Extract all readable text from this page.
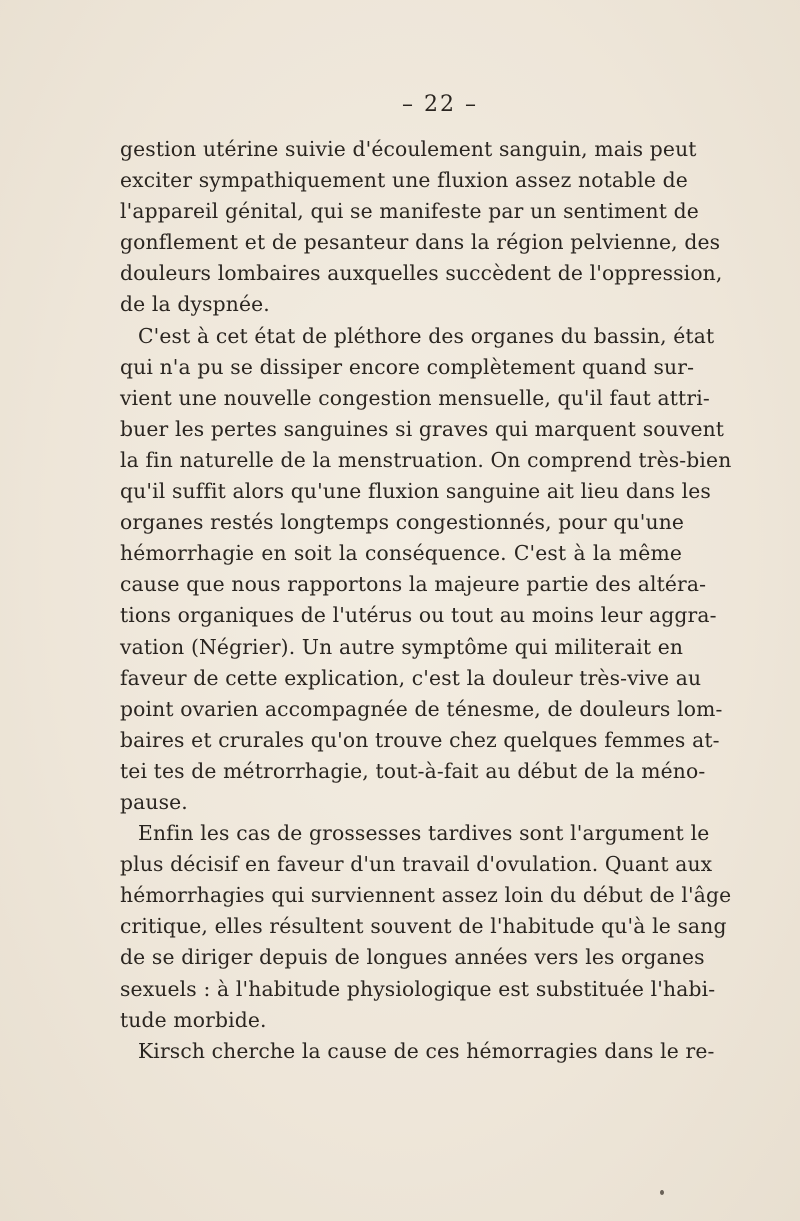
– 22 –
gestion utérine suivie d'écoulement sanguin, mais peut
exciter sympathiquement une fluxion assez notable de
l'appareil génital, qui se manifeste par un sentiment de
gonflement et de pesanteur dans la région pelvienne, des
douleurs lombaires auxquelles succèdent de l'oppression,
de la dyspnée.
C'est à cet état de pléthore des organes du bassin, état
qui n'a pu se dissiper encore complètement quand sur-
vient une nouvelle congestion mensuelle, qu'il faut attri-
buer les pertes sanguines si graves qui marquent souvent
la fin naturelle de la menstruation. On comprend très-bien
qu'il suffit alors qu'une fluxion sanguine ait lieu dans les
organes restés longtemps congestionnés, pour qu'une
hémorrhagie en soit la conséquence. C'est à la même
cause que nous rapportons la majeure partie des altéra-
tions organiques de l'utérus ou tout au moins leur aggra-
vation (Négrier). Un autre symptôme qui militerait en
faveur de cette explication, c'est la douleur très-vive au
point ovarien accompagnée de ténesme, de douleurs lom-
baires et crurales qu'on trouve chez quelques femmes at-
tei tes de métrorrhagie, tout-à-fait au début de la méno-
pause.
Enfin les cas de grossesses tardives sont l'argument le
plus décisif en faveur d'un travail d'ovulation. Quant aux
hémorrhagies qui surviennent assez loin du début de l'âge
critique, elles résultent souvent de l'habitude qu'à le sang
de se diriger depuis de longues années vers les organes
sexuels : à l'habitude physiologique est substituée l'habi-
tude morbide.
Kirsch cherche la cause de ces hémorragies dans le re-
